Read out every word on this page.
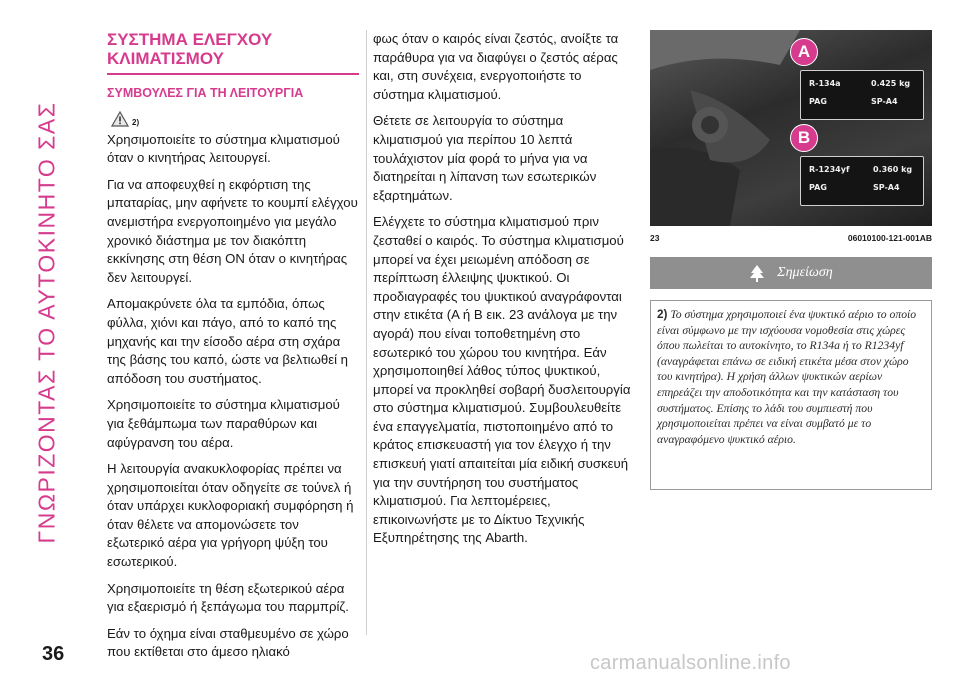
ΓΝΩΡΙΖΟΝΤΑΣ ΤΟ ΑΥΤΟΚΙΝΗΤΟ ΣΑΣ
36
ΣΥΣΤΗΜΑ ΕΛΕΓΧΟΥ ΚΛΙΜΑΤΙΣΜΟΥ
ΣΥΜΒΟΥΛΕΣ ΓΙΑ ΤΗ ΛΕΙΤΟΥΡΓΙΑ
$_{2)}$

Χρησιμοποιείτε το σύστημα κλιματισμού όταν ο κινητήρας λειτουργεί.

Για να αποφευχθεί η εκφόρτιση της μπαταρίας, μην αφήνετε το κουμπί ελέγχου ανεμιστήρα ενεργοποιημένο για μεγάλο χρονικό διάστημα με τον διακόπτη εκκίνησης στη θέση ON όταν ο κινητήρας δεν λειτουργεί.

Απομακρύνετε όλα τα εμπόδια, όπως φύλλα, χιόνι και πάγο, από το καπό της μηχανής και την είσοδο αέρα στη σχάρα της βάσης του καπό, ώστε να βελτιωθεί η απόδοση του συστήματος.

Χρησιμοποιείτε το σύστημα κλιματισμού για ξεθάμπωμα των παραθύρων και αφύγρανση του αέρα.

Η λειτουργία ανακυκλοφορίας πρέπει να χρησιμοποιείται όταν οδηγείτε σε τούνελ ή όταν υπάρχει κυκλοφοριακή συμφόρηση ή όταν θέλετε να απομονώσετε τον εξωτερικό αέρα για γρήγορη ψύξη του εσωτερικού.

Χρησιμοποιείτε τη θέση εξωτερικού αέρα για εξαερισμό ή ξεπάγωμα του παρμπρίζ.

Εάν το όχημα είναι σταθμευμένο σε χώρο που εκτίθεται στο άμεσο ηλιακό

φως όταν ο καιρός είναι ζεστός, ανοίξτε τα παράθυρα για να διαφύγει ο ζεστός αέρας και, στη συνέχεια, ενεργοποιήστε το σύστημα κλιματισμού.

Θέτετε σε λειτουργία το σύστημα κλιματισμού για περίπου 10 λεπτά τουλάχιστον μία φορά το μήνα για να διατηρείται η λίπανση των εσωτερικών εξαρτημάτων.

Ελέγχετε το σύστημα κλιματισμού πριν ζεσταθεί ο καιρός. Το σύστημα κλιματισμού μπορεί να έχει μειωμένη απόδοση σε περίπτωση έλλειψης ψυκτικού. Οι προδιαγραφές του ψυκτικού αναγράφονται στην ετικέτα (A ή B εικ. 23 ανάλογα με την αγορά) που είναι τοποθετημένη στο εσωτερικό του χώρου του κινητήρα. Εάν χρησιμοποιηθεί λάθος τύπος ψυκτικού, μπορεί να προκληθεί σοβαρή δυσλειτουργία στο σύστημα κλιματισμού. Συμβουλευθείτε ένα επαγγελματία, πιστοποιημένο από το κράτος επισκευαστή για τον έλεγχο ή την επισκευή γιατί απαιτείται μία ειδική συσκευή για την συντήρηση του συστήματος κλιματισμού. Για λεπτομέρειες, επικοινωνήστε με το Δίκτυο Τεχνικής Εξυπηρέτησης της Abarth.

A
R-134a	0.425 kg
PAG	SP-A4
B
R-1234yf	0.360 kg
PAG	SP-A4
23	06010100-121-001AB
Σημείωση
2) Το σύστημα χρησιμοποιεί ένα ψυκτικό αέριο το οποίο είναι σύμφωνο με την ισχύουσα νομοθεσία στις χώρες όπου πωλείται το αυτοκίνητο, το R134a ή το R1234yf (αναγράφεται επάνω σε ειδική ετικέτα μέσα στον χώρο του κινητήρα). Η χρήση άλλων ψυκτικών αερίων επηρεάζει την αποδοτικότητα και την κατάσταση του συστήματος. Επίσης το λάδι του συμπιεστή που χρησιμοποιείται πρέπει να είναι συμβατό με το αναγραφόμενο ψυκτικό αέριο.
carmanualsonline.info
